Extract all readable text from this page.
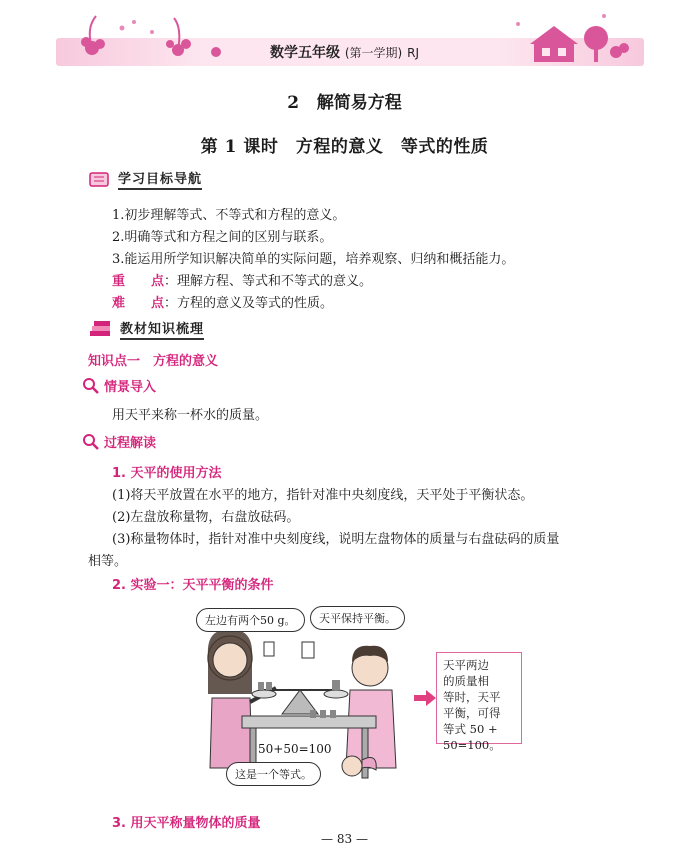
数学五年级 (第一学期) RJ
2 解简易方程
第 1 课时　方程的意义　等式的性质
学习目标导航
1.初步理解等式、不等式和方程的意义。
2.明确等式和方程之间的区别与联系。
3.能运用所学知识解决简单的实际问题，培养观察、归纳和概括能力。
重　　点：理解方程、等式和不等式的意义。
难　　点：方程的意义及等式的性质。
教材知识梳理
知识点一　方程的意义
情景导入
用天平来称一杯水的质量。
过程解读
1. 天平的使用方法
(1)将天平放置在水平的地方，指针对准中央刻度线，天平处于平衡状态。
(2)左盘放称量物，右盘放砝码。
(3)称量物体时，指针对准中央刻度线，说明左盘物体的质量与右盘砝码的质量
相等。
2. 实验一：天平平衡的条件
左边有两个50 g。	天平保持平衡。
50+50=100
这是一个等式。
天平两边
的质量相
等时，天平
平衡，可得
等式 50 +
50=100。
3. 用天平称量物体的质量
— 83 —
